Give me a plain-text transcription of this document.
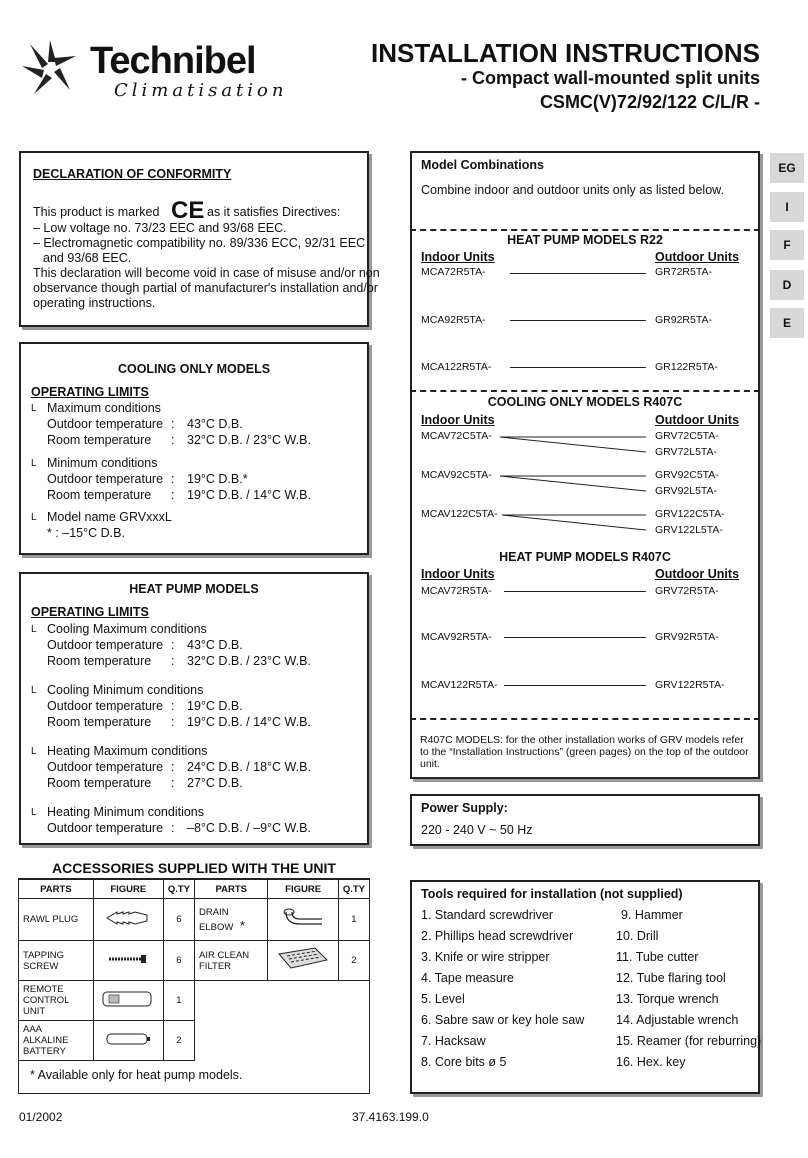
Technibel
Climatisation
INSTALLATION INSTRUCTIONS
- Compact wall-mounted split units
CSMC(V)72/92/122 C/L/R -
EG
I
F
D
E
DECLARATION OF CONFORMITY
This product is marked CE as it satisfies Directives:
– Low voltage no. 73/23 EEC and 93/68 EEC.
– Electromagnetic compatibility no. 89/336 ECC, 92/31 EEC
and 93/68 EEC.
This declaration will become void in case of misuse and/or non
observance though partial of manufacturer's installation and/or
operating instructions.
COOLING ONLY MODELS
OPERATING LIMITS
L Maximum conditions
Outdoor temperature : 43°C D.B.
Room temperature : 32°C D.B. / 23°C W.B.
L Minimum conditions
Outdoor temperature : 19°C D.B.*
Room temperature : 19°C D.B. / 14°C W.B.
L Model name GRVxxxL
* : –15°C D.B.
HEAT PUMP MODELS
OPERATING LIMITS
L Cooling Maximum conditions
Outdoor temperature : 43°C D.B.
Room temperature : 32°C D.B. / 23°C W.B.
L Cooling Minimum conditions
Outdoor temperature : 19°C D.B.
Room temperature : 19°C D.B. / 14°C W.B.
L Heating Maximum conditions
Outdoor temperature : 24°C D.B. / 18°C W.B.
Room temperature : 27°C D.B.
L Heating Minimum conditions
Outdoor temperature : –8°C D.B. / –9°C W.B.
ACCESSORIES SUPPLIED WITH THE UNIT
PARTS	FIGURE	Q.TY	PARTS	FIGURE	Q.TY
RAWL PLUG		6	DRAIN ELBOW *		1
TAPPING SCREW		6	AIR CLEAN FILTER		2
REMOTE CONTROL UNIT		1			
AAA ALKALINE BATTERY		2			
* Available only for heat pump models.
Model Combinations
Combine indoor and outdoor units only as listed below.
HEAT PUMP MODELS R22
Indoor Units	Outdoor Units
MCA72R5TA-	GR72R5TA-
MCA92R5TA-	GR92R5TA-
MCA122R5TA-	GR122R5TA-
COOLING ONLY MODELS R407C
Indoor Units	Outdoor Units
MCAV72C5TA-	GRV72C5TA-
GRV72L5TA-
MCAV92C5TA-	GRV92C5TA-
GRV92L5TA-
MCAV122C5TA-	GRV122C5TA-
GRV122L5TA-
HEAT PUMP MODELS R407C
Indoor Units	Outdoor Units
MCAV72R5TA-	GRV72R5TA-
MCAV92R5TA-	GRV92R5TA-
MCAV122R5TA-	GRV122R5TA-
R407C MODELS: for the other installation works of GRV models refer
to the “Installation Instructions” (green pages) on the top of the outdoor
unit.
Power Supply:
220 - 240 V ~ 50 Hz
Tools required for installation (not supplied)
1. Standard screwdriver
2. Phillips head screwdriver
3. Knife or wire stripper
4. Tape measure
5. Level
6. Sabre saw or key hole saw
7. Hacksaw
8. Core bits ø 5
9. Hammer
10. Drill
11. Tube cutter
12. Tube flaring tool
13. Torque wrench
14. Adjustable wrench
15. Reamer (for reburring)
16. Hex. key
01/2002	37.4163.199.0
